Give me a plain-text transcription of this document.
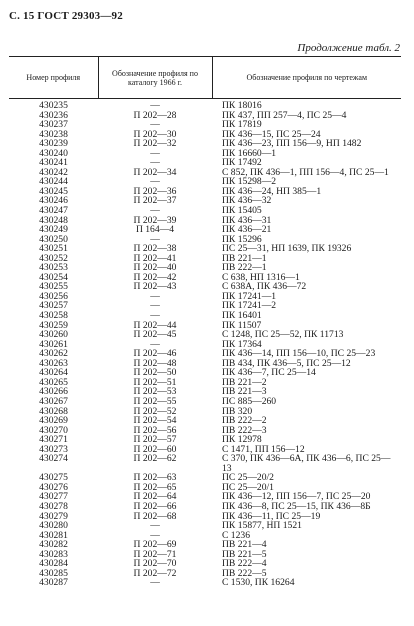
С. 15 ГОСТ 29303—92
Продолжение табл. 2
Номер профиля	Обозначение профиля по каталогу 1966 г.	Обозначение профиля по чертежам
430235	—	ПК 18016
430236	П 202—28	ПК 437, ПП 257—4, ПС 25—4
430237	—	ПК 17819
430238	П 202—30	ПК 436—15, ПС 25—24
430239	П 202—32	ПК 436—23, ПП 156—9, НП 1482
430240	—	ПК 16660—1
430241	—	ПК 17492
430242	П 202—34	С 852, ПК 436—1, ПП 156—4, ПС 25—1
430244	—	ПК 15298—2
430245	П 202—36	ПК 436—24, НП 385—1
430246	П 202—37	ПК 436—32
430247	—	ПК 15405
430248	П 202—39	ПК 436—31
430249	П 164—4	ПК 436—21
430250	—	ПК 15296
430251	П 202—38	ПС 25—31, НП 1639, ПК 19326
430252	П 202—41	ПВ 221—1
430253	П 202—40	ПВ 222—1
430254	П 202—42	С 638, НП 1316—1
430255	П 202—43	С 638А, ПК 436—72
430256	—	ПК 17241—1
430257	—	ПК 17241—2
430258	—	ПК 16401
430259	П 202—44	ПК 11507
430260	П 202—45	С 1248, ПС 25—52, ПК 11713
430261	—	ПК 17364
430262	П 202—46	ПК 436—14, ПП 156—10, ПС 25—23
430263	П 202—48	ПВ 434, ПК 436—5, ПС 25—12
430264	П 202—50	ПК 436—7, ПС 25—14
430265	П 202—51	ПВ 221—2
430266	П 202—53	ПВ 221—3
430267	П 202—55	ПС 885—260
430268	П 202—52	ПВ 320
430269	П 202—54	ПВ 222—2
430270	П 202—56	ПВ 222—3
430271	П 202—57	ПК 12978
430273	П 202—60	С 1471, ПП 156—12
430274	П 202—62	С 370, ПК 436—6А, ПК 436—6, ПС 25—13
430275	П 202—63	ПС 25—20/2
430276	П 202—65	ПС 25—20/1
430277	П 202—64	ПК 436—12, ПП 156—7, ПС 25—20
430278	П 202—66	ПК 436—8, ПС 25—15, ПК 436—8Б
430279	П 202—68	ПК 436—11, ПС 25—19
430280	—	ПК 15877, НП 1521
430281	—	С 1236
430282	П 202—69	ПВ 221—4
430283	П 202—71	ПВ 221—5
430284	П 202—70	ПВ 222—4
430285	П 202—72	ПВ 222—5
430287	—	С 1530, ПК 16264
